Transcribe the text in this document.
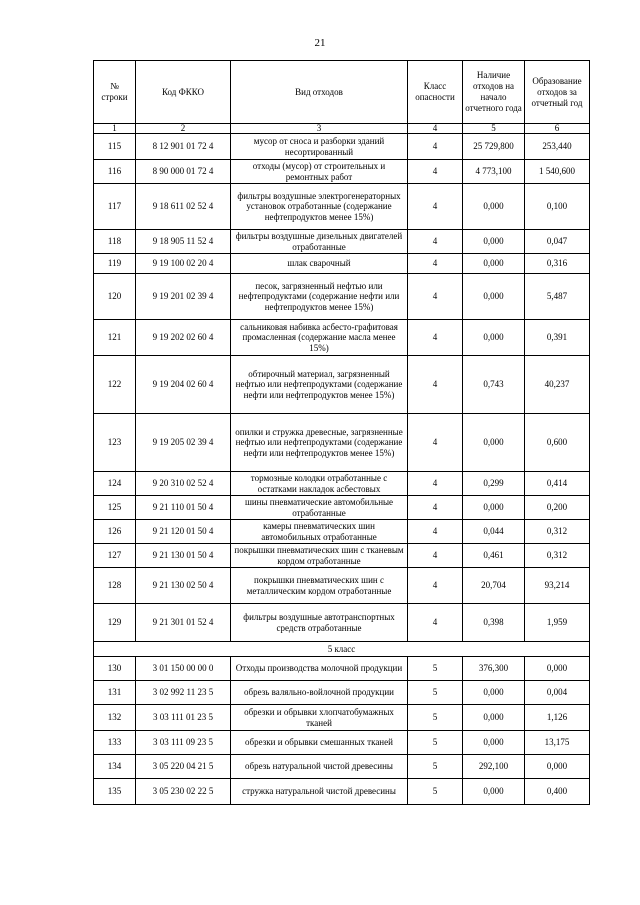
21
№ строки	Код ФККО	Вид отходов	Класс опасности	Наличие отходов на начало отчетного года	Образование отходов за отчетный год
1	2	3	4	5	6
115	8 12 901 01 72 4	мусор от сноса и разборки зданий несортированный	4	25 729,800	253,440
116	8 90 000 01 72 4	отходы (мусор) от строительных и ремонтных работ	4	4 773,100	1 540,600
117	9 18 611 02 52 4	фильтры воздушные электрогенераторных установок отработанные (содержание нефтепродуктов менее 15%)	4	0,000	0,100
118	9 18 905 11 52 4	фильтры воздушные дизельных двигателей отработанные	4	0,000	0,047
119	9 19 100 02 20 4	шлак сварочный	4	0,000	0,316
120	9 19 201 02 39 4	песок, загрязненный нефтью или нефтепродуктами (содержание нефти или нефтепродуктов менее 15%)	4	0,000	5,487
121	9 19 202 02 60 4	сальниковая набивка асбесто-графитовая промасленная (содержание масла менее 15%)	4	0,000	0,391
122	9 19 204 02 60 4	обтирочный материал, загрязненный нефтью или нефтепродуктами (содержание нефти или нефтепродуктов менее 15%)	4	0,743	40,237
123	9 19 205 02 39 4	опилки и стружка древесные, загрязненные нефтью или нефтепродуктами (содержание нефти или нефтепродуктов менее 15%)	4	0,000	0,600
124	9 20 310 02 52 4	тормозные колодки отработанные с остатками накладок асбестовых	4	0,299	0,414
125	9 21 110 01 50 4	шины пневматические автомобильные отработанные	4	0,000	0,200
126	9 21 120 01 50 4	камеры пневматических шин автомобильных отработанные	4	0,044	0,312
127	9 21 130 01 50 4	покрышки пневматических шин с тканевым кордом отработанные	4	0,461	0,312
128	9 21 130 02 50 4	покрышки пневматических шин с металлическим кордом отработанные	4	20,704	93,214
129	9 21 301 01 52 4	фильтры воздушные автотранспортных средств отработанные	4	0,398	1,959
5 класс					
130	3 01 150 00 00 0	Отходы производства молочной продукции	5	376,300	0,000
131	3 02 992 11 23 5	обрезь валяльно-войлочной продукции	5	0,000	0,004
132	3 03 111 01 23 5	обрезки и обрывки хлопчатобумажных тканей	5	0,000	1,126
133	3 03 111 09 23 5	обрезки и обрывки смешанных тканей	5	0,000	13,175
134	3 05 220 04 21 5	обрезь натуральной чистой древесины	5	292,100	0,000
135	3 05 230 02 22 5	стружка натуральной чистой древесины	5	0,000	0,400
